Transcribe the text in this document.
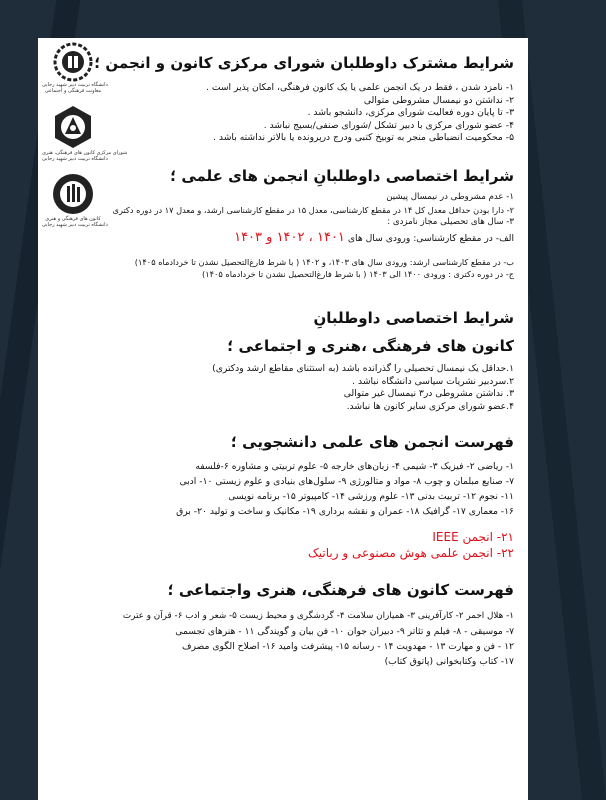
دانشگاه تربیت دبیر شهید رجایی
معاونت فرهنگی و اجتماعی
شورای مرکزی کانون های فرهنگی، هنری
دانشگاه تربیت دبیر شهید رجایی
کانون های فرهنگی و هنری
دانشگاه تربیت دبیر شهید رجایی
شرایط مشترک داوطلبان شورای مرکزی کانون و انجمن ؛
۱- نامزد شدن ، فقط در یک انجمن علمی یا یک کانون فرهنگی، امکان پذیر است .
۲- نداشتن دو نیمسال مشروطی متوالی
۳- تا پایان دوره فعالیت شورای مرکزی، دانشجو باشد .
۴- عضو شورای مرکزی با دبیر تشکل /شورای صنفی/بسیج نباشد .
۵- محکومیت انضباطی منجر به توبیخ کتبی ودرج درپرونده یا بالاتر نداشته باشد .
شرایط اختصاصی داوطلبانِ انجمن های علمی ؛
۱- عدم مشروطی در نیمسال پیشین
۲- دارا بودن حداقل معدل کل ۱۴ در مقطع کارشناسی، معدل ۱۵ در مقطع کارشناسی ارشد، و معدل ۱۷ در دوره دکتری
۳- سال های تحصیلی مجاز نامزدی :
الف- در مقطع کارشناسی: ورودی سال های ۱۴۰۱ ، ۱۴۰۲ و ۱۴۰۳
ب- در مقطع کارشناسی ارشد: ورودی سال های ۱۴۰۳، و ۱۴۰۲ ( با شرط فارغ‌التحصیل نشدن تا خردادماه ۱۴۰۵)
ج- در دوره دکتری : ورودی ۱۴۰۰ الی ۱۴۰۳ ( با شرط فارغ‌التحصیل نشدن تا خردادماه ۱۴۰۵)
شرایط اختصاصی داوطلبانِ
کانون های فرهنگی ،هنری و اجتماعی ؛
۱.حداقل یک نیمسال تحصیلی را گذرانده باشد (به استثنای مقاطع ارشد ودکتری)
۲.سردبیر نشریات سیاسی دانشگاه نباشد .
۳. نداشتن مشروطی در۳ نیمسال غیر متوالی
۴.عضو شورای مرکزی سایر کانون ها نباشد.
فهرست انجمن های علمی دانشجویی ؛
۱- ریاضی ۲- فیزیک ۳- شیمی ۴- زبان‌های خارجه ۵- علوم تربیتی و مشاوره ۶-فلسفه
۷- صنایع مبلمان و چوب ۸- مواد و متالورژی ۹- سلول‌های بنیادی و علوم زیستی ۱۰- ادبی
۱۱- نجوم ۱۲- تربیت بدنی ۱۳- علوم ورزشی ۱۴- کامپیوتر ۱۵- برنامه نویسی
۱۶- معماری ۱۷- گرافیک ۱۸- عمران و نقشه برداری ۱۹- مکانیک و ساخت و تولید ۲۰- برق
۲۱- انجمن IEEE
۲۲- انجمن علمی هوش مصنوعی و رباتیک
فهرست کانون های فرهنگی، هنری واجتماعی ؛
۱- هلال احمر ۲- کارآفرینی ۳- همیاران سلامت ۴- گردشگری و محیط زیست ۵- شعر و ادب ۶- قرآن و عترت
۷- موسیقی - ۸- فیلم و تئاتر ۹- دبیران جوان ۱۰- فن بیان و گویندگی ۱۱ - هنرهای تجسمی
۱۲ - فن و مهارت ۱۳ - مهدویت ۱۴ - رسانه ۱۵- پیشرفت وامید ۱۶- اصلاح الگوی مصرف
۱۷- کتاب وکتابخوانی (پاتوق کتاب)
